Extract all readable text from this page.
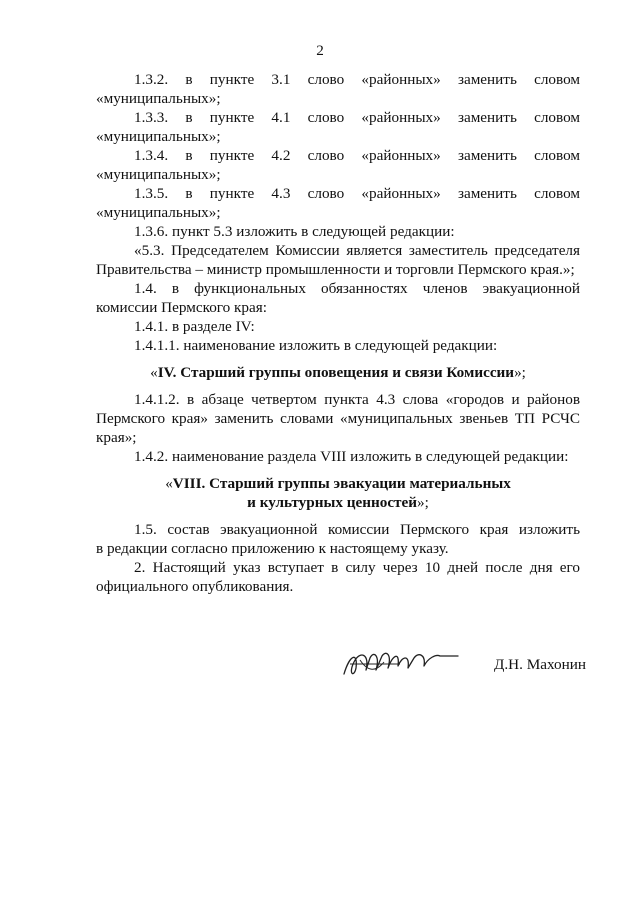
2
1.3.2. в пункте 3.1 слово «районных» заменить словом
«муниципальных»;
1.3.3. в пункте 4.1 слово «районных» заменить словом
«муниципальных»;
1.3.4. в пункте 4.2 слово «районных» заменить словом
«муниципальных»;
1.3.5. в пункте 4.3 слово «районных» заменить словом
«муниципальных»;
1.3.6. пункт 5.3 изложить в следующей редакции:
«5.3. Председателем Комиссии является заместитель председателя
Правительства – министр промышленности и торговли Пермского края.»;
1.4. в функциональных обязанностях членов эвакуационной
комиссии Пермского края:
1.4.1. в разделе IV:
1.4.1.1. наименование изложить в следующей редакции:
«IV. Старший группы оповещения и связи Комиссии»;
1.4.1.2. в абзаце четвертом пункта 4.3 слова «городов и районов
Пермского края» заменить словами «муниципальных звеньев ТП РСЧС
края»;
1.4.2. наименование раздела VIII изложить в следующей редакции:
«VIII. Старший группы эвакуации материальных
и культурных ценностей»;
1.5. состав эвакуационной комиссии Пермского края изложить
в редакции согласно приложению к настоящему указу.
2. Настоящий указ вступает в силу через 10 дней после дня его
официального опубликования.
Д.Н. Махонин
